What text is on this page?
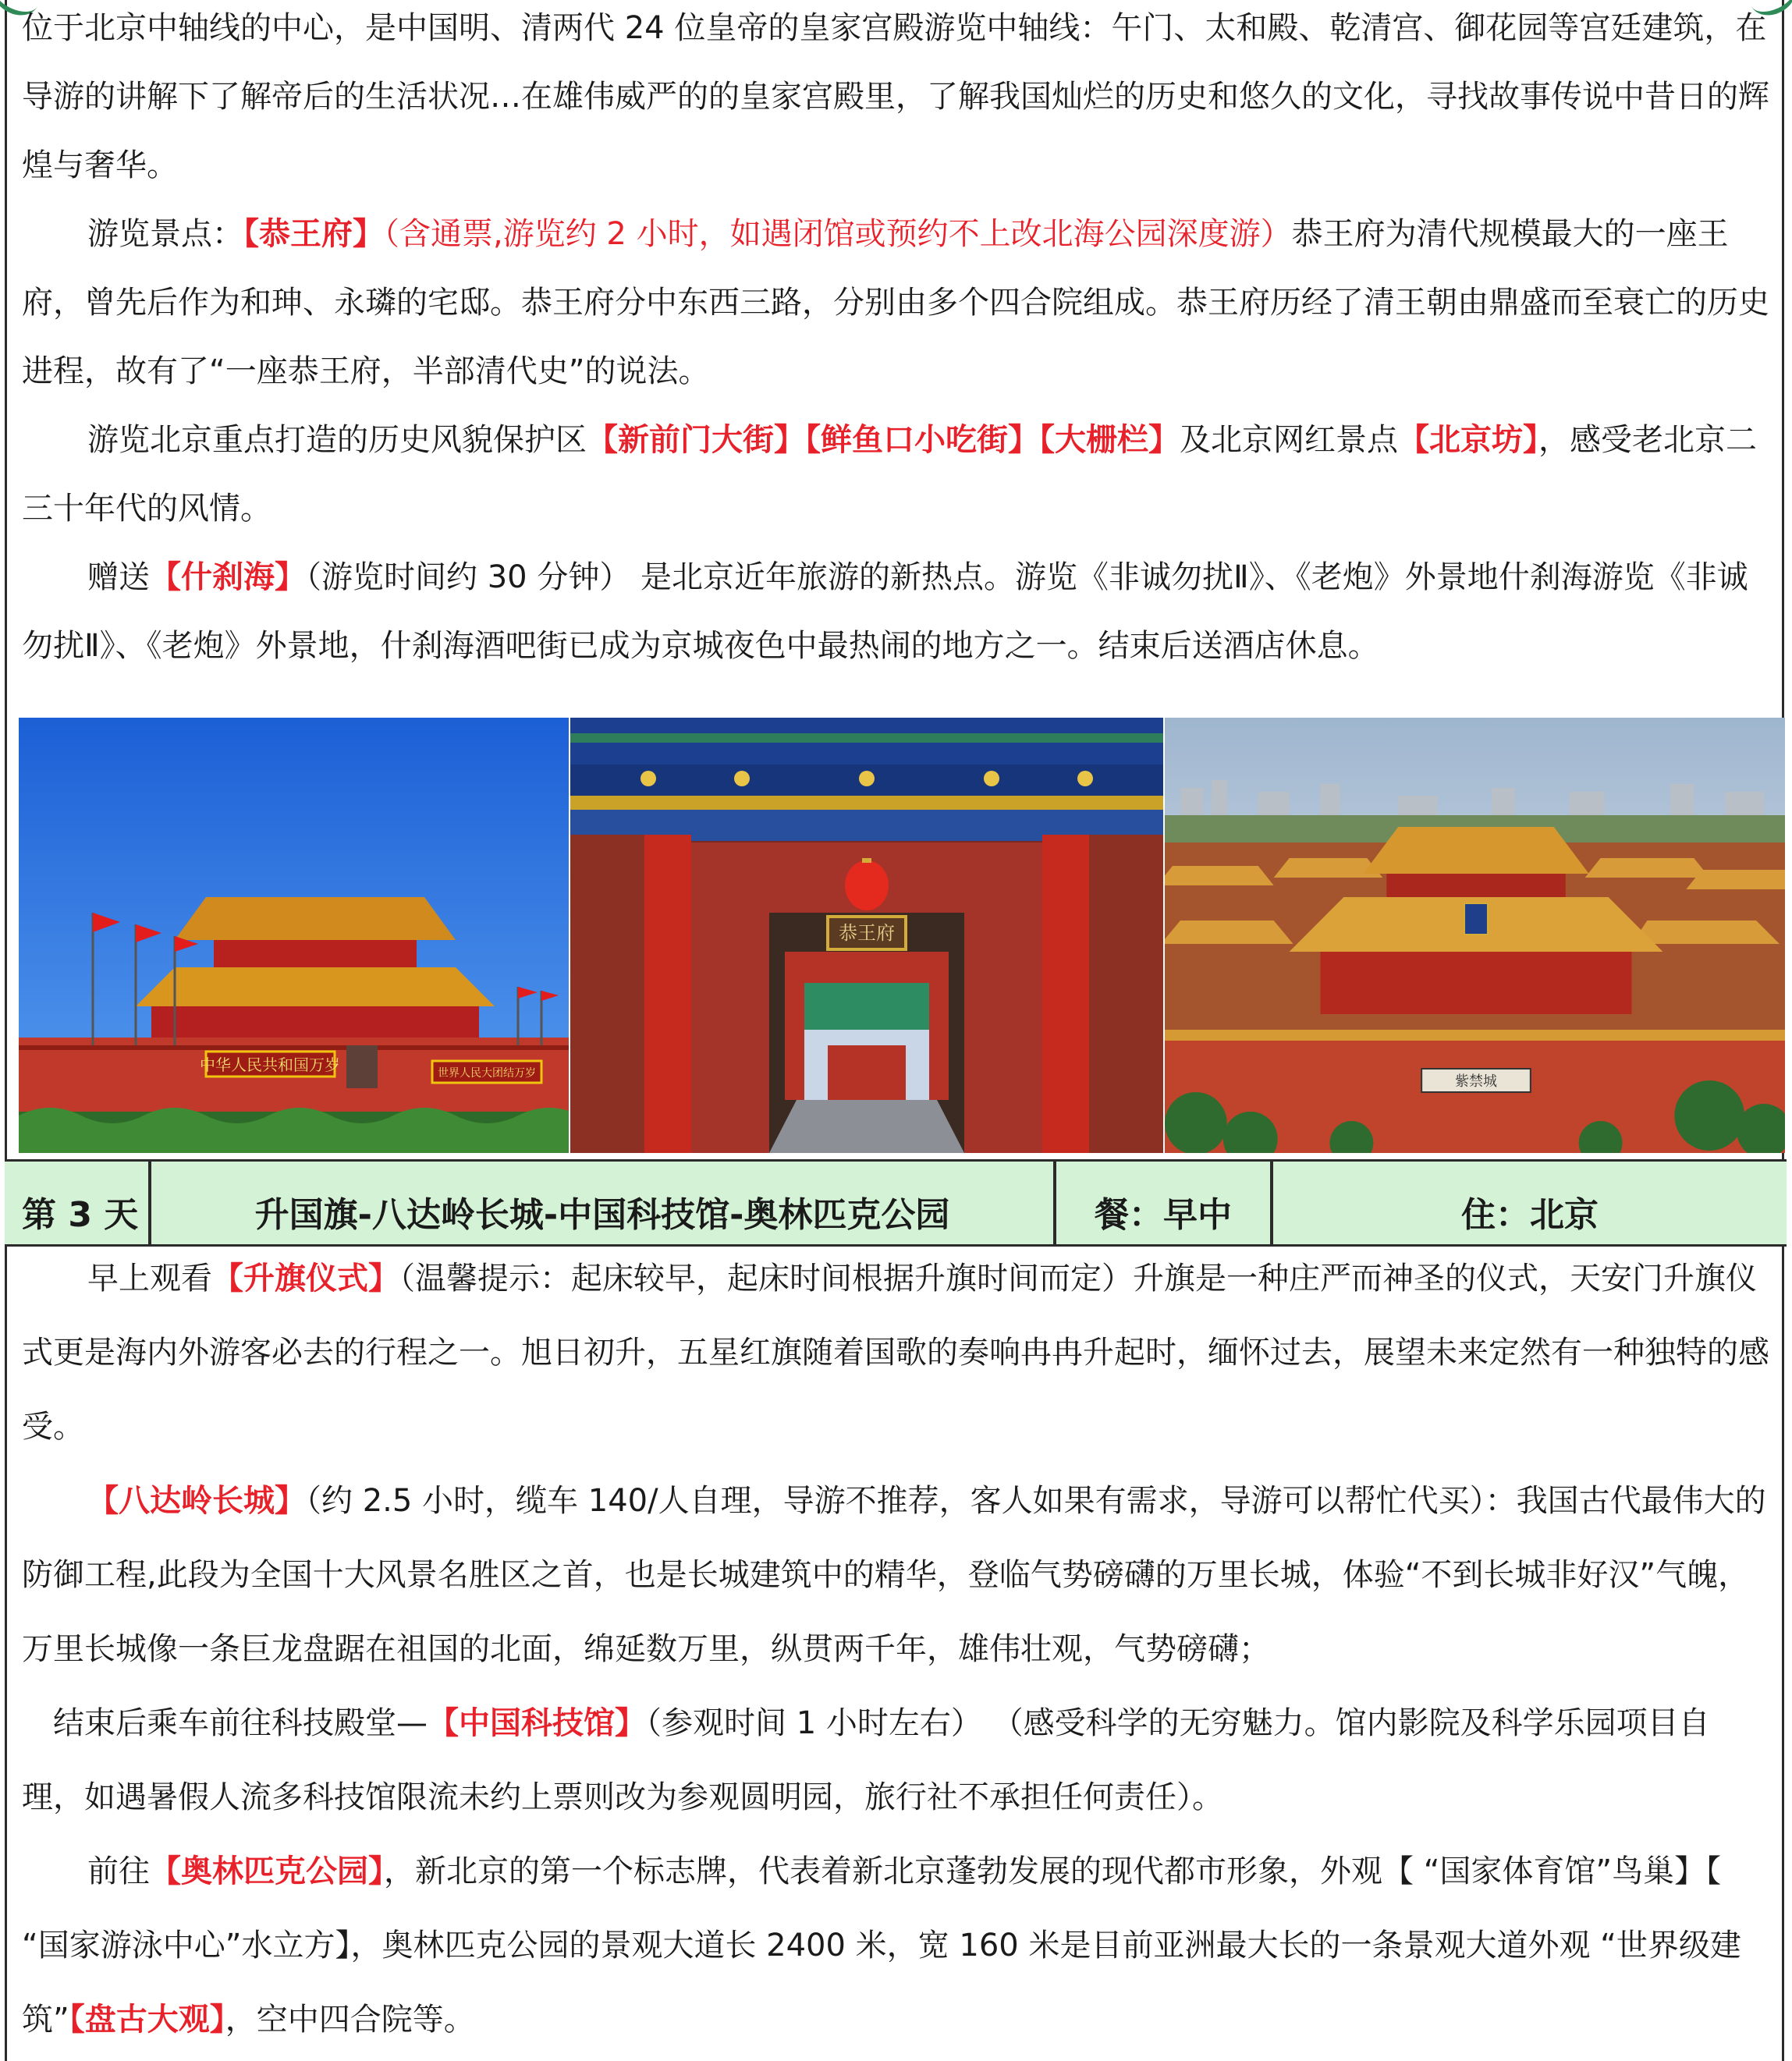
位于北京中轴线的中心，是中国明、清两代 24 位皇帝的皇家宫殿游览中轴线：午门、太和殿、乾清宫、御花园等宫廷建筑，在导游的讲解下了解帝后的生活状况…在雄伟威严的的皇家宫殿里，了解我国灿烂的历史和悠久的文化，寻找故事传说中昔日的辉煌与奢华。

游览景点：【恭王府】（含通票,游览约 2 小时，如遇闭馆或预约不上改北海公园深度游）恭王府为清代规模最大的一座王府，曾先后作为和珅、永璘的宅邸。恭王府分中东西三路，分别由多个四合院组成。恭王府历经了清王朝由鼎盛而至衰亡的历史进程，故有了“一座恭王府，半部清代史”的说法。

游览北京重点打造的历史风貌保护区【新前门大街】【鲜鱼口小吃街】【大栅栏】及北京网红景点【北京坊】，感受老北京二三十年代的风情。

赠送【什刹海】（游览时间约 30 分钟） 是北京近年旅游的新热点。游览《非诚勿扰Ⅱ》、《老炮》外景地什刹海游览《非诚勿扰Ⅱ》、《老炮》外景地，什刹海酒吧街已成为京城夜色中最热闹的地方之一。结束后送酒店休息。

中华人民共和国万岁	世界人民大团结万岁
恭王府
紫禁城
第 3 天	升国旗-八达岭长城-中国科技馆-奥林匹克公园	餐：早中	住：北京

早上观看【升旗仪式】（温馨提示：起床较早，起床时间根据升旗时间而定）升旗是一种庄严而神圣的仪式，天安门升旗仪式更是海内外游客必去的行程之一。旭日初升，五星红旗随着国歌的奏响冉冉升起时，缅怀过去，展望未来定然有一种独特的感受。

【八达岭长城】（约 2.5 小时，缆车 140/人自理，导游不推荐，客人如果有需求，导游可以帮忙代买）：我国古代最伟大的防御工程,此段为全国十大风景名胜区之首，也是长城建筑中的精华，登临气势磅礴的万里长城，体验“不到长城非好汉”气魄，万里长城像一条巨龙盘踞在祖国的北面，绵延数万里，纵贯两千年，雄伟壮观，气势磅礴；

结束后乘车前往科技殿堂—【中国科技馆】（参观时间 1 小时左右） （感受科学的无穷魅力。馆内影院及科学乐园项目自理，如遇暑假人流多科技馆限流未约上票则改为参观圆明园，旅行社不承担任何责任）。

前往【奥林匹克公园】，新北京的第一个标志牌，代表着新北京蓬勃发展的现代都市形象，外观【 “国家体育馆”鸟巢】【 “国家游泳中心”水立方】，奥林匹克公园的景观大道长 2400 米，宽 160 米是目前亚洲最大长的一条景观大道外观 “世界级建筑”【盘古大观】，空中四合院等。
